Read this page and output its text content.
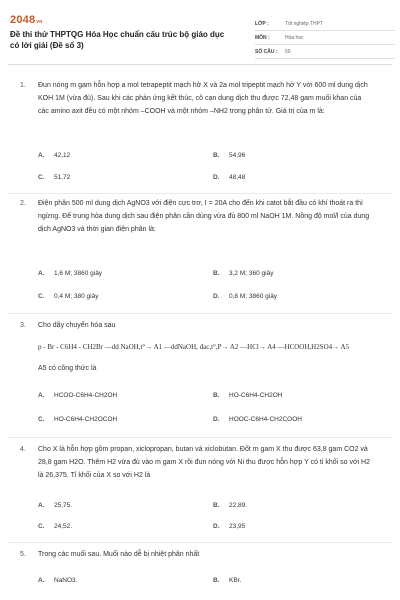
2048vn
Đề thi thử THPTQG Hóa Học chuẩn cấu trúc bộ giáo dục có lời giải (Đề số 3)
LỚP :	Tốt nghiệp THPT
MÔN :	Hóa học
SỐ CÂU :	50
1. Đun nóng m gam hỗn hợp a mol tetrapeptit mạch hở X và 2a mol tripeptit mạch hở Y với 600 ml dung dịch KOH 1M (vừa đủ). Sau khi các phản ứng kết thúc, cô cạn dung dịch thu được 72,48 gam muối khan của các amino axit đều có một nhóm –COOH và một nhóm –NH2 trong phân tử. Giá trị của m là:
A. 42,12	B. 54,96
C. 51,72	D. 48,48
2. Điện phân 500 ml dung dịch AgNO3 với điện cực trơ, I = 20A cho đến khi catot bắt đầu có khí thoát ra thì ngừng. Để trung hòa dung dịch sau điện phân cần dùng vừa đủ 800 ml NaOH 1M. Nồng độ mol/l của dung dịch AgNO3 và thời gian điện phân là:
A. 1,6 M; 3860 giây	B. 3,2 M; 360 giây
C. 0,4 M; 380 giây	D. 0,8 M; 3860 giây
3. Cho dãy chuyển hóa sau
p - Br - C6H4 - CH2Br —dd NaOH,t°→ A1 —ddNaOH, đac,t°,P→ A2 —HCl→ A4 —HCOOH,H2SO4→ A5
A5 có công thức là
A. HCOO-C6H4-CH2OH	B. HO-C6H4-CH2OH
C. HO-C6H4-CH2OCOH	D. HOOC-C6H4-CH2COOH
4. Cho X là hỗn hợp gồm propan, xiclopropan, butan và xiclobutan. Đốt m gam X thu được 63,8 gam CO2 và 28,8 gam H2O. Thêm H2 vừa đủ vào m gam X rồi đun nóng với Ni thu được hỗn hợp Y có tỉ khối so với H2 là 26,375. Tỉ khối của X so với H2 là
A. 25,75.	B. 22,89.
C. 24,52.	D. 23,95
5. Trong các muối sau. Muối nào dễ bị nhiệt phân nhất
A. NaNO3.	B. KBr.
